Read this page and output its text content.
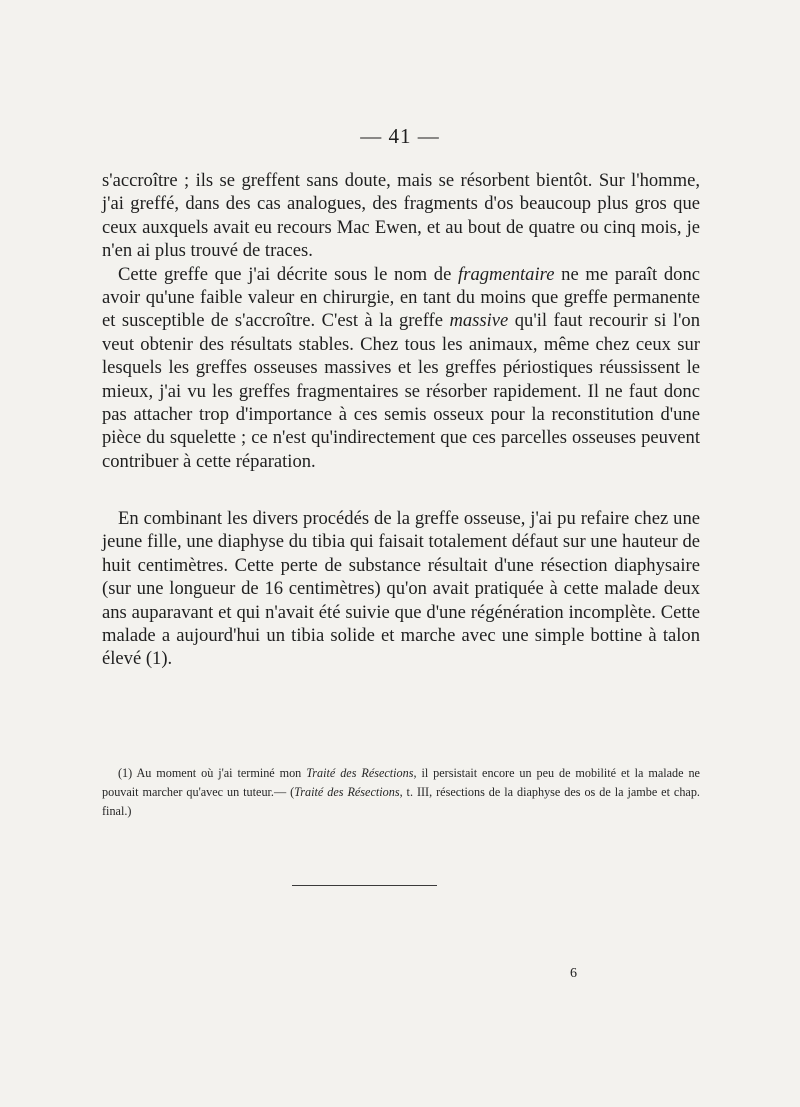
— 41 —

s'accroître ; ils se greffent sans doute, mais se résorbent bientôt. Sur l'homme, j'ai greffé, dans des cas analogues, des fragments d'os beaucoup plus gros que ceux auxquels avait eu recours Mac Ewen, et au bout de quatre ou cinq mois, je n'en ai plus trouvé de traces.

Cette greffe que j'ai décrite sous le nom de fragmentaire ne me paraît donc avoir qu'une faible valeur en chirurgie, en tant du moins que greffe permanente et susceptible de s'accroître. C'est à la greffe massive qu'il faut recourir si l'on veut obtenir des résultats stables. Chez tous les animaux, même chez ceux sur lesquels les greffes osseuses massives et les greffes périostiques réussissent le mieux, j'ai vu les greffes fragmentaires se résorber rapidement. Il ne faut donc pas attacher trop d'importance à ces semis osseux pour la reconstitution d'une pièce du squelette ; ce n'est qu'indirectement que ces parcelles osseuses peuvent contribuer à cette réparation.

En combinant les divers procédés de la greffe osseuse, j'ai pu refaire chez une jeune fille, une diaphyse du tibia qui faisait totalement défaut sur une hauteur de huit centimètres. Cette perte de substance résultait d'une résection diaphysaire (sur une longueur de 16 centimètres) qu'on avait pratiquée à cette malade deux ans auparavant et qui n'avait été suivie que d'une régénération incomplète. Cette malade a aujourd'hui un tibia solide et marche avec une simple bottine à talon élevé (1).

(1) Au moment où j'ai terminé mon Traité des Résections, il persistait encore un peu de mobilité et la malade ne pouvait marcher qu'avec un tuteur.— (Traité des Résections, t. III, résections de la diaphyse des os de la jambe et chap. final.)
6
